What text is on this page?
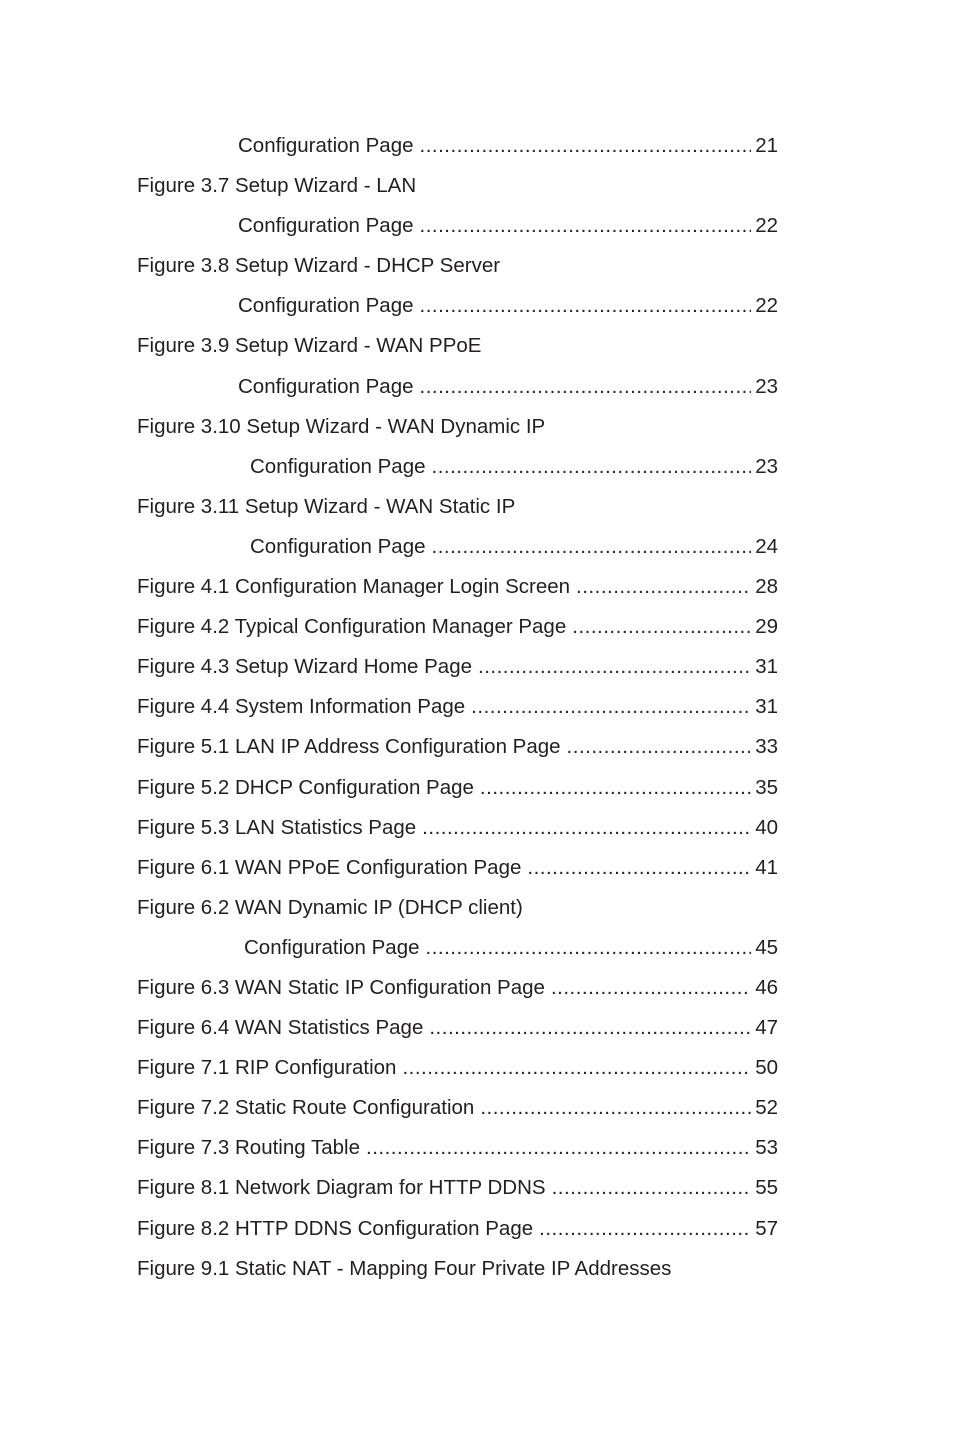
Configuration Page .....	21
Figure 3.7 Setup Wizard - LAN
Configuration Page .....	22
Figure 3.8 Setup Wizard - DHCP Server
Configuration Page .....	22
Figure 3.9 Setup Wizard - WAN PPoE
Configuration Page .....	23
Figure 3.10 Setup Wizard - WAN Dynamic IP
Configuration Page .....	23
Figure 3.11 Setup Wizard - WAN Static IP
Configuration Page .....	24
Figure 4.1 Configuration Manager Login Screen .....	28
Figure 4.2 Typical Configuration Manager Page .....	29
Figure 4.3 Setup Wizard Home Page .....	31
Figure 4.4 System Information Page .....	31
Figure 5.1 LAN IP Address Configuration Page .....	33
Figure 5.2 DHCP Configuration Page .....	35
Figure 5.3 LAN Statistics Page .....	40
Figure 6.1 WAN PPoE Configuration Page .....	41
Figure 6.2 WAN Dynamic IP (DHCP client)
Configuration Page .....	45
Figure 6.3 WAN Static IP Configuration Page .....	46
Figure 6.4 WAN Statistics Page .....	47
Figure 7.1 RIP Configuration .....	50
Figure 7.2 Static Route Configuration .....	52
Figure 7.3 Routing Table .....	53
Figure 8.1 Network Diagram for HTTP DDNS .....	55
Figure 8.2 HTTP DDNS Configuration Page .....	57
Figure 9.1 Static NAT - Mapping Four Private IP Addresses
